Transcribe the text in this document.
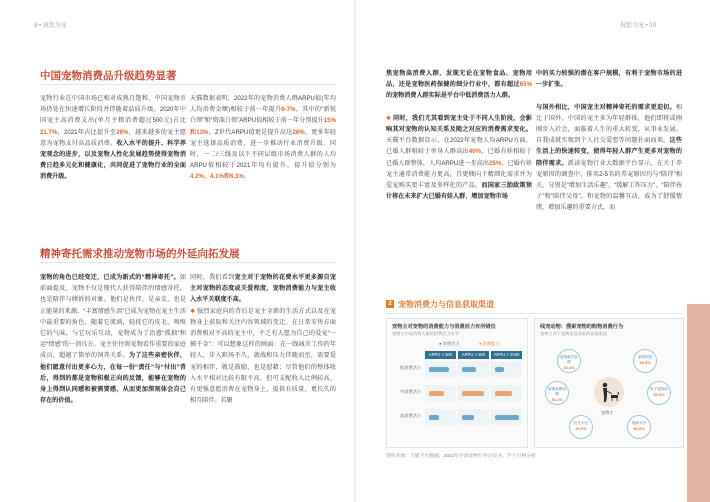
9 • 祝您为宠	祝您为宠 • 10
中国宠物消费品升级趋势显著
宠物行业在中国市场已相对成熟且饱和，中国宠物市场仍处在快速增长阶段并伴随着品质升级。2020年中国宠主高消费支出(单月主粮消费超过500元)占比21.7%，2021年占比提升至26%，越来越多的宠主愿意为宠物支付高品质消费。收入水平的提升、科学养宠观念的进步，以及宠物人性化发展趋势使得宠物消费日趋多元化和健康化，共同促进了宠物行业的全面消费升级。
天猫数据表明，2022年的宠物消费人群ARPU值(年均人均消费金额)相较于前一年提升6-7%，其中的“新锐白领”和“资深白领”ARPU值相较于前一年分别提升15%和13%。Z世代ARPU值更是提升高达26%，更多年轻宠主选择品质消费，进一步推动行业消费升级。同时，一二/三线及以下不同层级市场消费人群的人均ARPU值相较于2021年均有提升，提升值分别为4.2%、4.1%和6.3%。
精神寄托需求推动宠物市场的外延向拓发展
宠物的角色已经变迁，已成为新式的“精神寄托”。如前面提及，宠物不仅是现代人获得陪伴的情感寄托，也是陪伴与倾诉的对象。他们是伙伴、是亲友，也是正能量的来源。“丰富情感生活”已成为宠物在宠主生活中最重要的角色，随着它流淌，轻抚它的皮毛，嗅嗅它的气味，与它玩乐互动，宠物成为了治愈“孤独”和运“情感”的一剂良方。宠主往往将宠物看作重要的家庭成员，超越了简单的饲养关系。为了这些亲密伙伴，他们愿意付出更多心力，在每一份“责任”与“付出”背后，得到的都是宠物积极正向的反馈，能够在宠物的身上得到认同感和被需要感，从而更加深刻体会自己存在的价值。
同时，我们看到宠主对于宠物的花费水平更多源自宠主对宠物的态度或关爱程度，宠物消费能力与宠主收入水平关联度不高。
✱ 强烈家庭向的背后是宠主全新的生活方式以及在宠物身上获取和关注内容领域的变迁。在日常零售方面消费相对不高的宠主中，不乏有人愿为自己的爱宠“一掷千金”：可以想象这样的画面：在一线城市工作的年轻人，步入职场不久，就战和压力伴随而至，需要爱宠的相伴，就是鼓励、也是慰藉；尽管他们的整体收入水平相对比较有限不高，但可支配收入比例较高，有更强意愿消费在宠物身上，提供有质量、更长久的相互陪伴。若聚
焦宠物高消费人群，发现无论在宠物食品、宠物用品，还是宠物医药保健的细分行业中，都有超过65%的宠物消费人群实际是平台中低消费活力人群。

✱ 同时，我们尤其看到宠主处于不同人生阶段，会影响其对宠物的认知关系及随之对应的消费需求变化。天猫平台数据显示，在2022年宠物人均ARPU方面，已婚人群相较于单身人群高出40%，已婚有娃相较于已婚人群整体，人均ARPU进一步高出25%。已婚有娃宠主通常消费能力更高，且更倾向于精细化需求并为爱宠购买更丰富及多样化的产品。而国家三胎政策预计将在未来扩大已婚有娃人群，增加宠物市场
中的买力较强的潜在客户规模，有利于宠物市场的进一步扩张。

与国外相比，中国宠主对精神寄托的需求更迫切。相比于国外，中国的宠主多为年轻群体，他们即将或刚刚步入社会，面临着人生的重大转变，从事业发展、自我成就实现到个人社交爱恋等问题扑面而来。这些生活上的快速转变，使得年轻人群产生更多对宠物的陪伴需求。派读宠物行业大数据平台显示，在关于养宠原因的调查中，排名2-5名的养宠原因均与“陪伴”相关，分别是“增加生活乐趣”、“缓解工作压力”、“陪伴孩子”和“陪伴父母”，和宠物的温馨互动，成为了舒缓情绪、增加乐趣的重要方式，而
2 宠物消费力与信息获取渠道
宠物主对宠物的消费能力与消费活力有所错位
宠物主中高消费人群的消费活力水平
● 消费活力	● 消费能力
ARPU < 500	ARPU > 500	ARPU > 2000
低消费活力
中消费活力
高消费活力
线宠动物：搜索宠物的购物消费行为
宠物主对于宠物信息获取的首选渠道
宠物主
宠物相关社群
43.4%
宠物医院
28.3%
宠物品牌官网
36.1%
线下宠物店
54.6%
社交平台
43.0%
电商平台
56.8%
资料来源：天猫平台数据，2022年中国宠物行业白皮书，罗兰贝格分析
